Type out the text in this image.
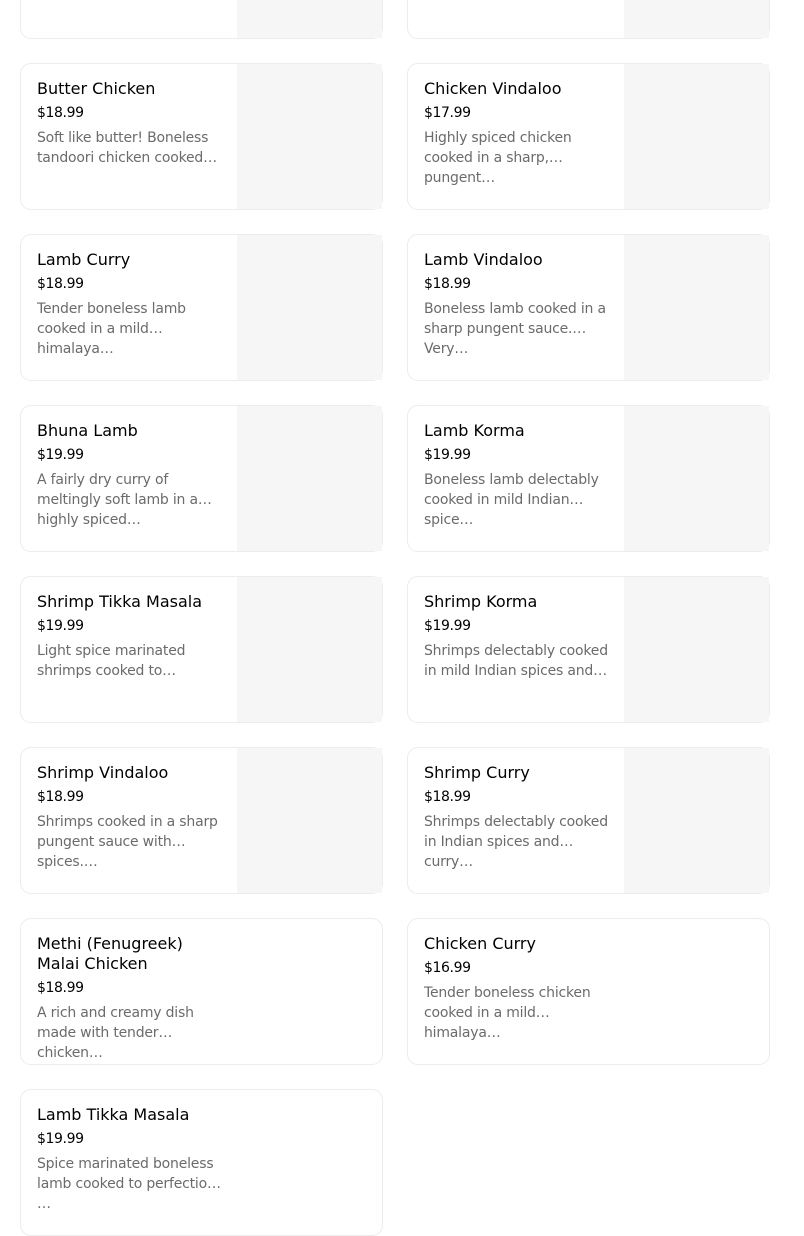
Butter Chicken
$18.99
Soft like butter! Boneless tandoori chicken cooked…
Chicken Vindaloo
$17.99
Highly spiced chicken cooked in a sharp, pungent…
Lamb Curry
$18.99
Tender boneless lamb cooked in a mild himalaya…
Lamb Vindaloo
$18.99
Boneless lamb cooked in a sharp pungent sauce. Very…
Bhuna Lamb
$19.99
A fairly dry curry of meltingly soft lamb in a highly spiced…
Lamb Korma
$19.99
Boneless lamb delectably cooked in mild Indian spice…
Shrimp Tikka Masala
$19.99
Light spice marinated shrimps cooked to…
Shrimp Korma
$19.99
Shrimps delectably cooked in mild Indian spices and…
Shrimp Vindaloo
$18.99
Shrimps cooked in a sharp pungent sauce with spices.…
Shrimp Curry
$18.99
Shrimps delectably cooked in Indian spices and curry…
Methi (Fenugreek) Malai Chicken
$18.99
A rich and creamy dish made with tender chicken…
Chicken Curry
$16.99
Tender boneless chicken cooked in a mild himalaya…
Lamb Tikka Masala
$19.99
Spice marinated boneless lamb cooked to perfection …
